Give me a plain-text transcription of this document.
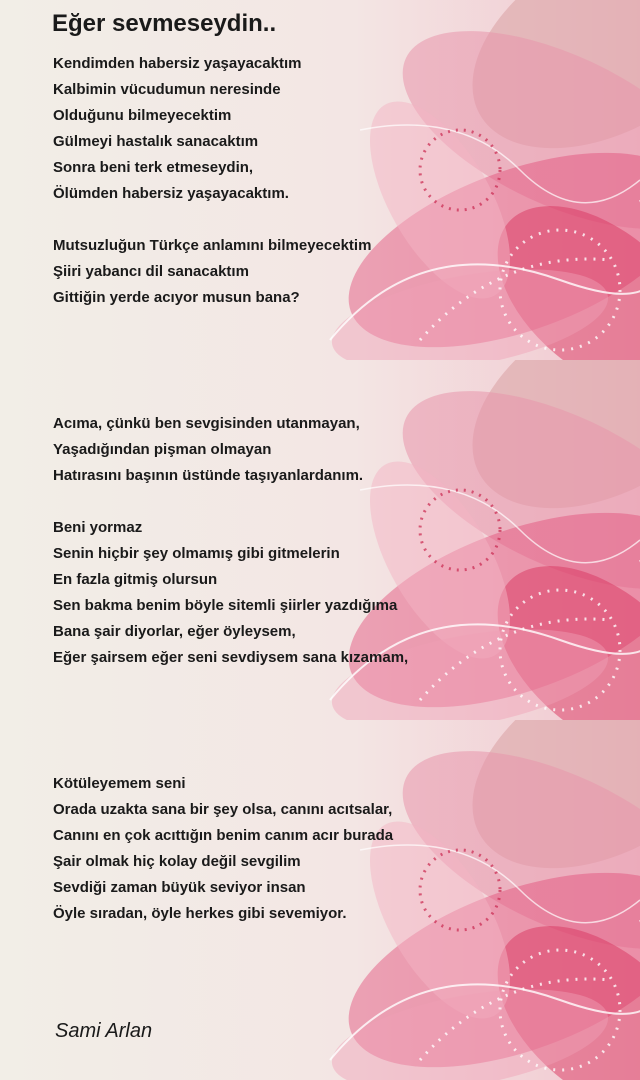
Eğer sevmeseydin..

Kendimden habersiz yaşayacaktım
Kalbimin vücudumun neresinde
Olduğunu bilmeyecektim
Gülmeyi hastalık sanacaktım
Sonra beni terk etmeseydin,
Ölümden habersiz yaşayacaktım.

Mutsuzluğun Türkçe anlamını bilmeyecektim
Şiiri yabancı dil sanacaktım
Gittiğin yerde acıyor musun bana?

Acıma, çünkü ben sevgisinden utanmayan,
Yaşadığından pişman olmayan
Hatırasını başının üstünde taşıyanlardanım.

Beni yormaz
Senin hiçbir şey olmamış gibi gitmelerin
En fazla gitmiş olursun
Sen bakma benim böyle sitemli şiirler yazdığıma
Bana şair diyorlar, eğer öyleysem,
Eğer şairsem eğer seni sevdiysem sana kızamam,

Kötüleyemem seni
Orada uzakta sana bir şey olsa, canını acıtsalar,
Canını en çok acıttığın benim canım acır burada
Şair olmak hiç kolay değil sevgilim
Sevdiği zaman büyük seviyor insan
Öyle sıradan, öyle herkes gibi sevemiyor.

Sami Arlan
